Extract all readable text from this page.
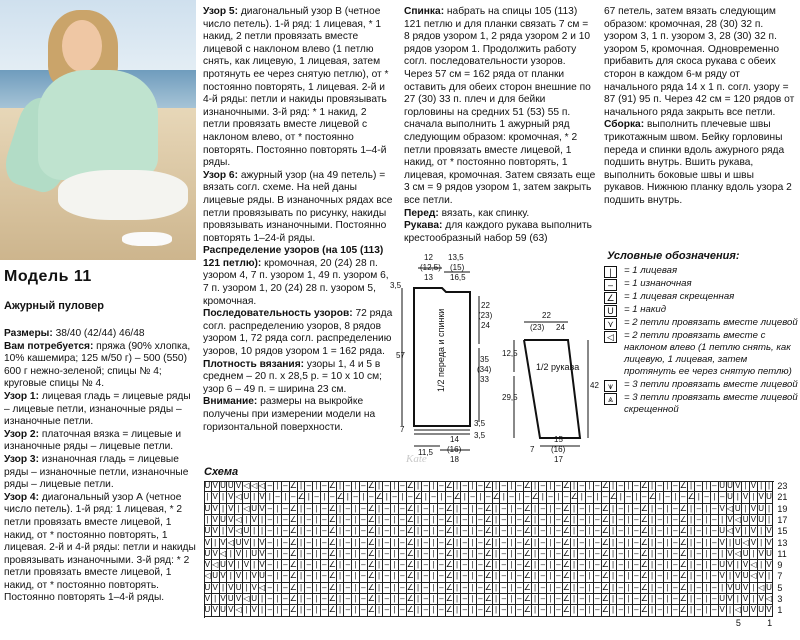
Модель 11
Ажурный пуловер

Размеры: 38/40 (42/44) 46/48

Вам потребуется: пряжа (90% хлопка, 10% кашемира; 125 м/50 г) – 500 (550) 600 г нежно-зеленой; спицы № 4; круговые спицы № 4.

Узор 1: лицевая гладь = лицевые ряды – лицевые петли, изнаночные ряды – изнаночные петли.

Узор 2: платочная вязка = лицевые и изнаночные ряды – лицевые петли.

Узор 3: изнаночная гладь = лицевые ряды – изнаночные петли, изнаночные ряды – лицевые петли.

Узор 4: диагональный узор А (четное число петель). 1-й ряд: 1 лицевая, * 2 петли провязать вместе лицевой, 1 накид, от * постоянно повторять, 1 лицевая. 2-й и 4-й ряды: петли и накиды провязывать изнаночными. 3-й ряд: * 2 петли провязать вместе лицевой, 1 накид, от * постоянно повторять. Постоянно повторять 1–4-й ряды.

Узор 5: диагональный узор В (четное число петель). 1-й ряд: 1 лицевая, * 1 накид, 2 петли провязать вместе лицевой с наклоном влево (1 петлю снять, как лицевую, 1 лицевая, затем протянуть ее через снятую петлю), от * постоянно повторять, 1 лицевая. 2-й и 4-й ряды: петли и накиды провязывать изнаночными. 3-й ряд: * 1 накид, 2 петли провязать вместе лицевой с наклоном влево, от * постоянно повторять. Постоянно повторять 1–4-й ряды.

Узор 6: ажурный узор (на 49 петель) = вязать согл. схеме. На ней даны лицевые ряды. В изнаночных рядах все петли провязывать по рисунку, накиды провязывать изнаночными. Постоянно повторять 1–24-й ряды.

Распределение узоров (на 105 (113) 121 петлю): кромочная, 20 (24) 28 п. узором 4, 7 п. узором 1, 49 п. узором 6, 7 п. узором 1, 20 (24) 28 п. узором 5, кромочная.

Последовательность узоров: 72 ряда согл. распределению узоров, 8 рядов узором 1, 72 ряда согл. распределению узоров, 10 рядов узором 1 = 162 ряда.

Плотность вязания: узоры 1, 4 и 5 в среднем – 20 п. x 28,5 р. = 10 x 10 см; узор 6 – 49 п. = ширина 23 см.

Внимание: размеры на выкройке получены при измерении модели на горизонтальной поверхности.

Спинка: набрать на спицы 105 (113) 121 петлю и для планки связать 7 см = 8 рядов узором 1, 2 ряда узором 2 и 10 рядов узором 1. Продолжить работу согл. последовательности узоров. Через 57 см = 162 ряда от планки оставить для обеих сторон внешние по 27 (30) 33 п. плеч и для бейки горловины на средних 51 (53) 55 п. сначала выполнить 1 ажурный ряд следующим образом: кромочная, * 2 петли провязать вместе лицевой, 1 накид, от * постоянно повторять, 1 лицевая, кромочная. Затем связать еще 3 см = 9 рядов узором 1, затем закрыть все петли.

Перед: вязать, как спинку.

Рукава: для каждого рукава выполнить крестообразный набор 59 (63)

67 петель, затем вязать следующим образом: кромочная, 28 (30) 32 п. узором 3, 1 п. узором 3, 28 (30) 32 п. узором 5, кромочная. Одновременно прибавить для скоса рукава с обеих сторон в каждом 6-м ряду от начального ряда 14 x 1 п. согл. узору = 87 (91) 95 п. Через 42 см = 120 рядов от начального ряда закрыть все петли.

Сборка: выполнить плечевые швы трикотажным швом. Бейку горловины переда и спинки вдоль ажурного ряда подшить внутрь. Вшить рукава, выполнить боковые швы и швы рукавов. Нижнюю планку вдоль узора 2 подшить внутрь.

Kate
1/2 переда и спинки
12
(12,5)
13
13,5
(15)
16,5
22
(23)
24
3,5
57	35
(34)
33
7
3,5
3,5
11,5
14
(16)
18
1/2 рукава
22
(23) 24
12,5
29,5
42
7
15
(16)
17
Условные обозначения:
|	= 1 лицевая
–	= 1 изнаночная
∠ = 1 лицевая скрещенная
U	= 1 накид
⋎	= 2 петли провязать вместе лицевой
◁	= 2 петли провязать вместе с наклоном влево (1 петлю снять, как лицевую, 1 лицевая, затем протянуть ее через снятую петлю)
⩛	= 3 петли провязать вместе лицевой
⩓	= 3 петли провязать вместе лицевой скрещенной
Схема
U V U U V ◁ ◁ ◁ – | – ∠ | – | – ∠ | – | – ∠ | – | – ∠ | – | – ∠ | – | – ∠ | – | – ∠ | – | – ∠ | – | – ∠ | – | – ∠ | – | – ∠ | – | – U U V | V | | 23
| V | V ◁ U | V | – | – ∠ | – | – ∠ | – | – ∠ | – | – ∠ | – | – ∠ | – | – ∠ | – | – ∠ | – | – ∠ | – | – ∠ | – | – ∠ | – | – ∠ | – | – U | V | V U 21
U V | V | ◁ U V – | – ∠ | – | – ∠ | – | – ∠ | – | – ∠ | – | – ∠ | – | – ∠ | – | – ∠ | – | – ∠ | – | – ∠ | – | – ∠ | – | – ∠ | – | – V ◁ U | V U | 19
| V U V ◁ | V | – | – ∠ | – | – ∠ | – | – ∠ | – | – ∠ | – | – ∠ | – | – ∠ | – | – ∠ | – | – ∠ | – | – ∠ | – | – ∠ | – | – ∠ | – | – | V ◁ U V U | 17
U V | V ◁ U | | – | – ∠ | – | – ∠ | – | – ∠ | – | – ∠ | – | – ∠ | – | – ∠ | – | – ∠ | – | – ∠ | – | – ∠ | – | – ∠ | – | – ∠ | – | – U ◁ V | V | V 15
V | V ◁ U V | V – | – ∠ | – | – ∠ | – | – ∠ | – | – ∠ | – | – ∠ | – | – ∠ | – | – ∠ | – | – ∠ | – | – ∠ | – | – ∠ | – | – ∠ | – | – V | U ◁ V | V 13
U V ◁ | V | U V – | – ∠ | – | – ∠ | – | – ∠ | – | – ∠ | – | – ∠ | – | – ∠ | – | – ∠ | – | – ∠ | – | – ∠ | – | – ∠ | – | – ∠ | – | – | V ◁ U | V U 11
V ◁ U V | V | V – | – ∠ | – | – ∠ | – | – ∠ | – | – ∠ | – | – ∠ | – | – ∠ | – | – ∠ | – | – ∠ | – | – ∠ | – | – ∠ | – | – ∠ | – | – U V | V ◁ | V 9
◁ U V | V | V U – | – ∠ | – | – ∠ | – | – ∠ | – | – ∠ | – | – ∠ | – | – ∠ | – | – ∠ | – | – ∠ | – | – ∠ | – | – ∠ | – | – ∠ | – | – V | V U ◁ V | 7
U V | V U | V ◁ – | – ∠ | – | – ∠ | – | – ∠ | – | – ∠ | – | – ∠ | – | – ∠ | – | – ∠ | – | – ∠ | – | – ∠ | – | – ∠ | – | – ∠ | – | – | V U V | ◁ U 5
V | V U V ◁ U | – | – ∠ | – | – ∠ | – | – ∠ | – | – ∠ | – | – ∠ | – | – ∠ | – | – ∠ | – | – ∠ | – | – ∠ | – | – ∠ | – | – ∠ | – | – U V | V | V ◁ 3
U V U V ◁ | V | – | – ∠ | – | – ∠ | – | – ∠ | – | – ∠ | – | – ∠ | – | – ∠ | – | – ∠ | – | – ∠ | – | – ∠ | – | – ∠ | – | – ∠ | – | – V | ◁ U V U V 1
5	1
